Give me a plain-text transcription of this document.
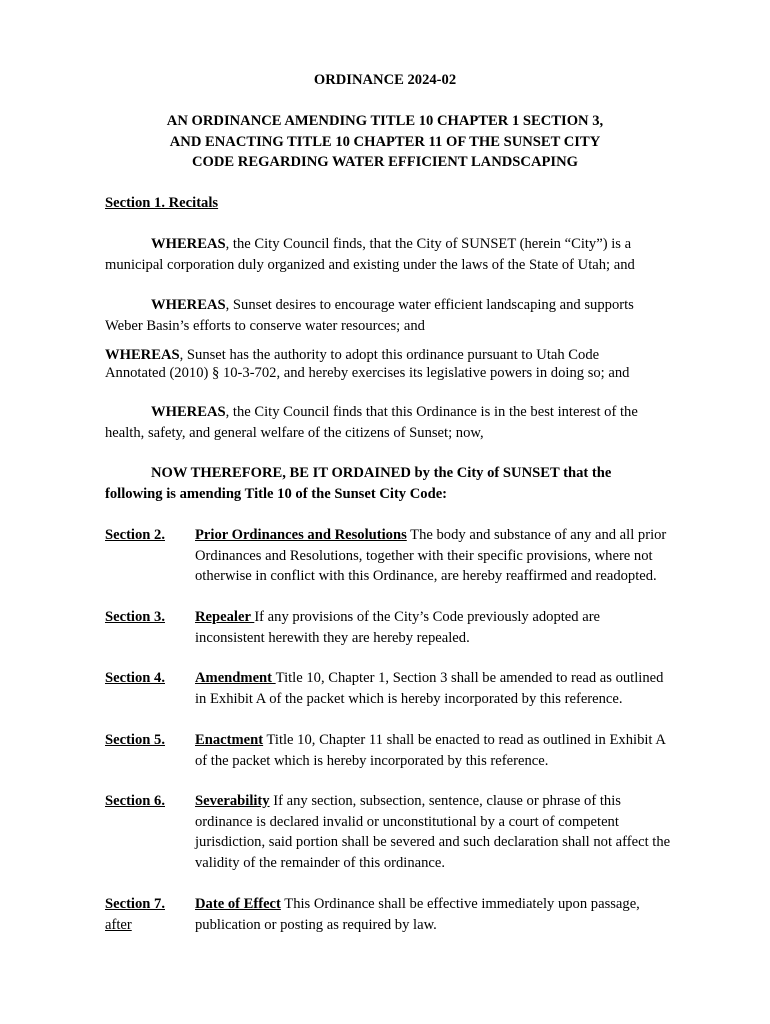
ORDINANCE 2024-02

AN ORDINANCE AMENDING TITLE 10 CHAPTER 1 SECTION 3,
AND ENACTING TITLE 10 CHAPTER 11 OF THE SUNSET CITY
CODE REGARDING WATER EFFICIENT LANDSCAPING

Section 1. Recitals

WHEREAS, the City Council finds, that the City of SUNSET (herein “City”) is a
municipal corporation duly organized and existing under the laws of the State of Utah; and

WHEREAS, Sunset desires to encourage water efficient landscaping and supports
Weber Basin’s efforts to conserve water resources; and

WHEREAS, Sunset has the authority to adopt this ordinance pursuant to Utah Code
Annotated (2010) § 10-3-702, and hereby exercises its legislative powers in doing so; and

WHEREAS, the City Council finds that this Ordinance is in the best interest of the
health, safety, and general welfare of the citizens of Sunset; now,

NOW THEREFORE, BE IT ORDAINED by the City of SUNSET that the
following is amending Title 10 of the Sunset City Code:

Section 2. Prior Ordinances and Resolutions The body and substance of any and all prior
Ordinances and Resolutions, together with their specific provisions, where not
otherwise in conflict with this Ordinance, are hereby reaffirmed and readopted.
Section 3. Repealer If any provisions of the City’s Code previously adopted are
inconsistent herewith they are hereby repealed.
Section 4. Amendment Title 10, Chapter 1, Section 3 shall be amended to read as outlined
in Exhibit A of the packet which is hereby incorporated by this reference.
Section 5. Enactment Title 10, Chapter 11 shall be enacted to read as outlined in Exhibit A
of the packet which is hereby incorporated by this reference.
Section 6. Severability If any section, subsection, sentence, clause or phrase of this
ordinance is declared invalid or unconstitutional by a court of competent
jurisdiction, said portion shall be severed and such declaration shall not affect the
validity of the remainder of this ordinance.
Section 7.
after
Date of Effect This Ordinance shall be effective immediately upon passage,
publication or posting as required by law.
